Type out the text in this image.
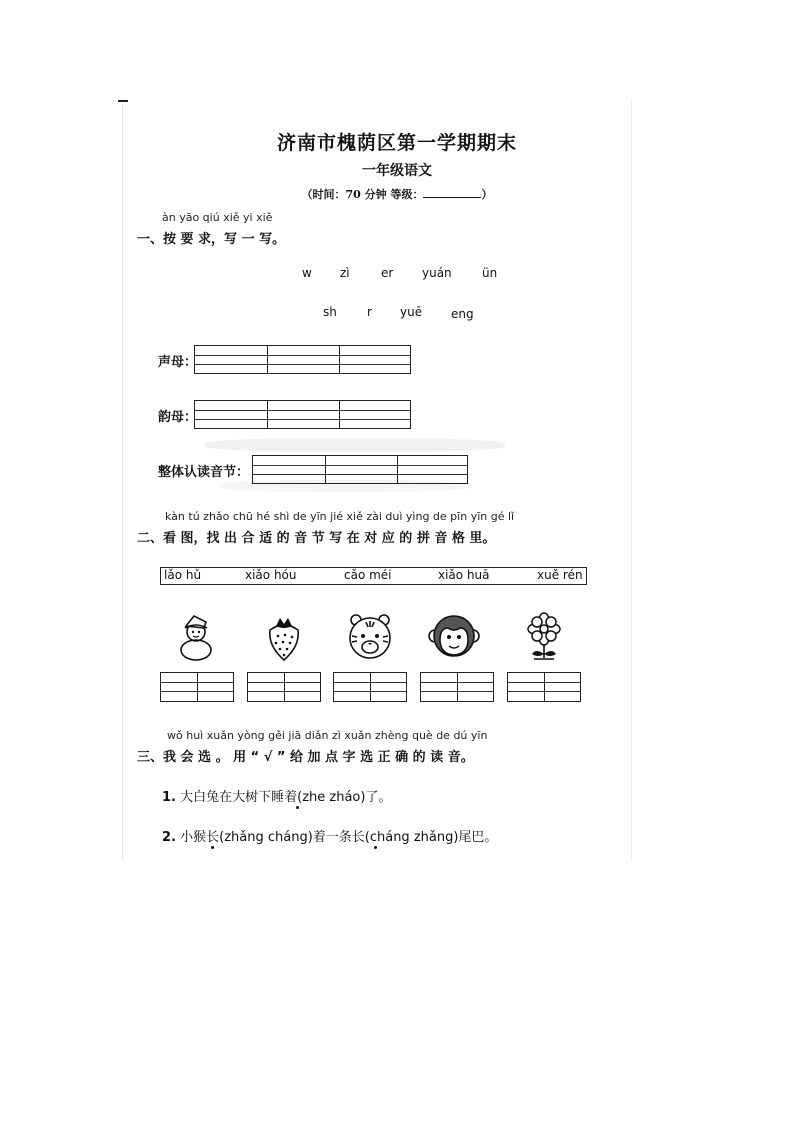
济南市槐荫区第一学期期末
一年级语文
（时间：70 分钟 等级：	）
àn yāo qiú xiě yi xiě
一、按 要 求，写 一 写。
w zì	er yuán	ün
sh	r yuē eng
声母：
韵母：
整体认读音节：
kàn tú zhǎo chū hé shì de yīn jié xiě zài duì yìng de pīn yīn gé lǐ
二、看 图，找 出 合 适 的 音 节 写 在 对 应 的 拼 音 格 里。
lǎo hǔ	xiǎo hóu	cǎo méi	xiǎo huā	xuě rén
wǒ huì xuǎn yòng gěi jiā diǎn zì xuǎn zhèng què de dú yīn
三、我 会 选 。 用 “ √ ” 给 加 点 字 选 正 确 的 读 音。
1. 大白兔在大树下睡着(zhe zháo)了。
2. 小猴长(zhǎng cháng)着一条长(cháng zhǎng)尾巴。
